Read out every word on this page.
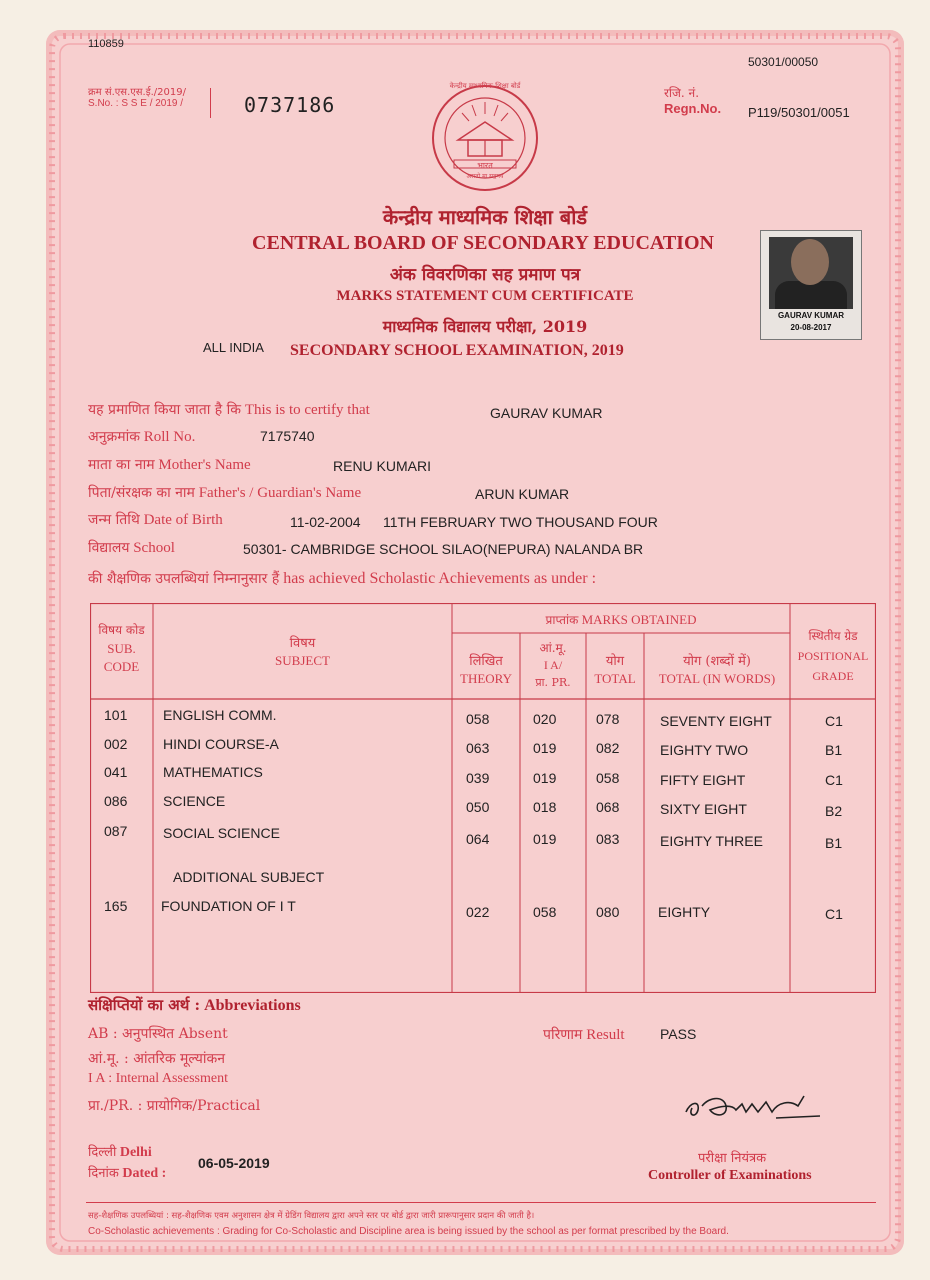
110859
50301/00050
क्रम सं.एस.एस.ई./2019/
S.No. : S S E / 2019 /	0737186	रजि. नं.
Regn.No. P119/50301/0051
केन्द्रीय माध्यमिक शिक्षा बोर्ड
भारत
असतो मा सद्गमय
केन्द्रीय माध्यमिक शिक्षा बोर्ड
CENTRAL BOARD OF SECONDARY EDUCATION
अंक विवरणिका सह प्रमाण पत्र
MARKS STATEMENT CUM CERTIFICATE
माध्यमिक विद्यालय परीक्षा, 2019
ALL INDIA SECONDARY SCHOOL EXAMINATION, 2019
GAURAV KUMAR
20-08-2017
यह प्रमाणित किया जाता है कि This is to certify that	GAURAV KUMAR
अनुक्रमांक Roll No.	7175740
माता का नाम Mother's Name	RENU KUMARI
पिता/संरक्षक का नाम Father's / Guardian's Name	ARUN KUMAR
जन्म तिथि Date of Birth	11-02-2004 11TH FEBRUARY TWO THOUSAND FOUR
विद्यालय School	50301- CAMBRIDGE SCHOOL SILAO(NEPURA) NALANDA BR
की शैक्षणिक उपलब्धियां निम्नानुसार हैं has achieved Scholastic Achievements as under :
विषय कोड
SUB.
CODE
विषय
SUBJECT
प्राप्तांक MARKS OBTAINED
लिखित
THEORY
आं.मू.
I A/
प्रा. PR.
योग
TOTAL
योग (शब्दों में)
TOTAL (IN WORDS)
स्थितीय ग्रेड
POSITIONAL
GRADE
101	ENGLISH COMM.	058	020	078	SEVENTY EIGHT	C1
002	HINDI COURSE-A	063	019	082	EIGHTY TWO	B1
041	MATHEMATICS	039	019	058	FIFTY EIGHT	C1
086	SCIENCE	050	018	068	SIXTY EIGHT	B2
087	SOCIAL SCIENCE	064	019	083	EIGHTY THREE	B1
ADDITIONAL SUBJECT
165 FOUNDATION OF I T	022	058	080	EIGHTY	C1
संक्षिप्तियों का अर्थ : Abbreviations
AB : अनुपस्थित Absent
आं.मू. : आंतरिक मूल्यांकन
I A : Internal Assessment
प्रा./PR. : प्रायोगिक/Practical
परिणाम Result	PASS
दिल्ली Delhi
दिनांक Dated :
06-05-2019	परीक्षा नियंत्रक
Controller of Examinations
सह-शैक्षणिक उपलब्धियां : सह-शैक्षणिक एवम अनुशासन क्षेत्र में ग्रेडिंग विद्यालय द्वारा अपने स्तर पर बोर्ड द्वारा जारी प्रारूपानुसार प्रदान की जाती है।
Co-Scholastic achievements : Grading for Co-Scholastic and Discipline area is being issued by the school as per format prescribed by the Board.
